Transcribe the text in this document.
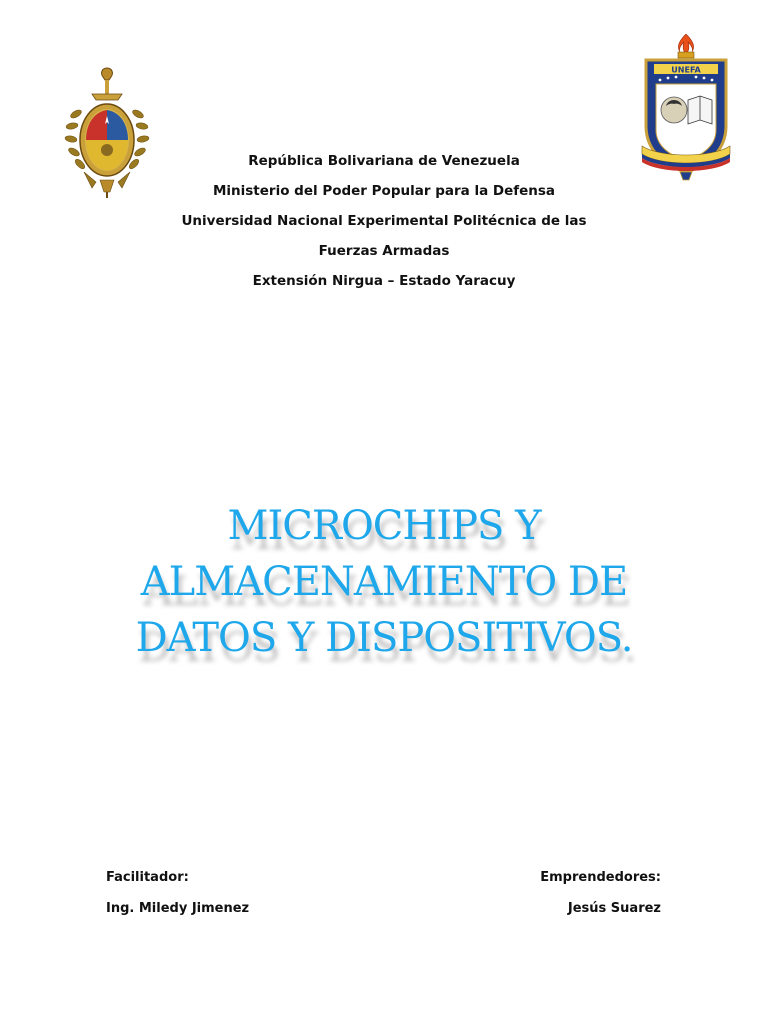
UNEFA
República Bolivariana de Venezuela
Ministerio del Poder Popular para la Defensa
Universidad Nacional Experimental Politécnica de las
Fuerzas Armadas
Extensión Nirgua – Estado Yaracuy
MICROCHIPS Y
ALMACENAMIENTO DE
DATOS Y DISPOSITIVOS.
Facilitador:
Ing. Miledy Jimenez
Emprendedores:
Jesús Suarez
